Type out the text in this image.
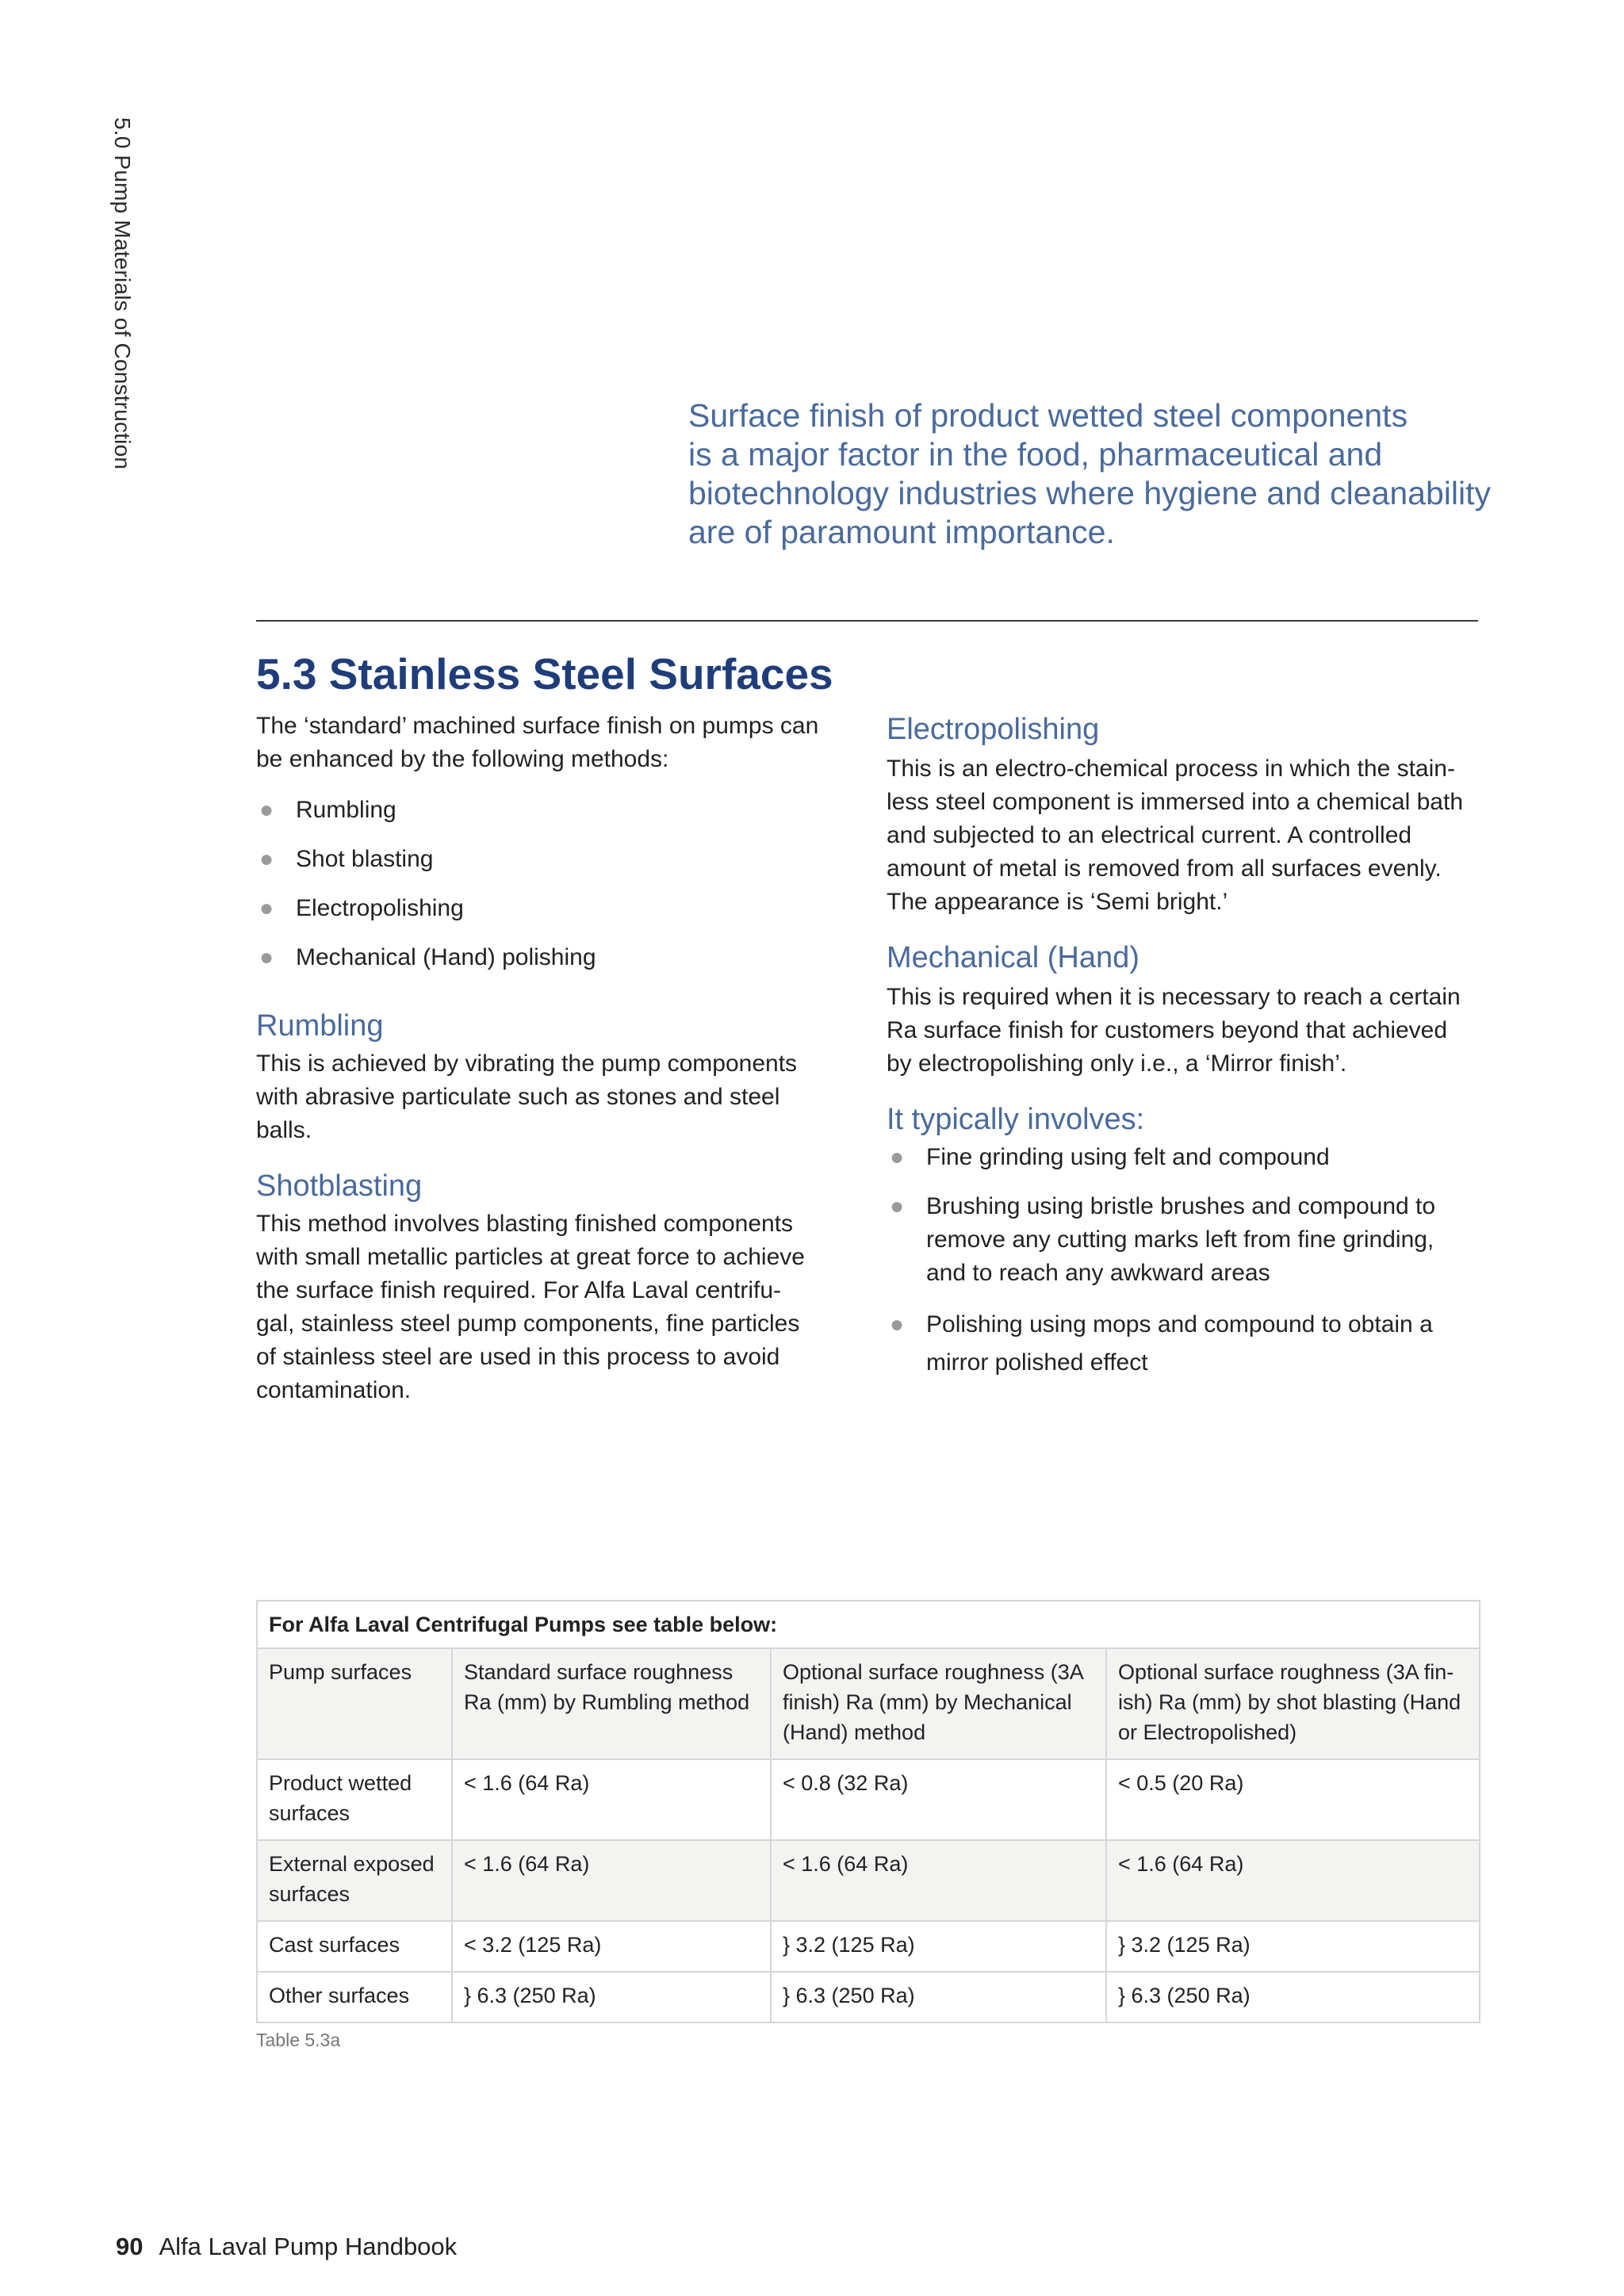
5.0 Pump Materials of Construction	Surface finish of product wetted steel components
is a major factor in the food, pharmaceutical and
biotechnology industries where hygiene and cleanability
are of paramount importance.
5.3 Stainless Steel Surfaces

The ‘standard’ machined surface finish on pumps can
be enhanced by the following methods:

● Rumbling
● Shot blasting
● Electropolishing
● Mechanical (Hand) polishing
Rumbling

This is achieved by vibrating the pump components
with abrasive particulate such as stones and steel
balls.

Shotblasting

This method involves blasting finished components
with small metallic particles at great force to achieve
the surface finish required. For Alfa Laval centrifu-
gal, stainless steel pump components, fine particles
of stainless steel are used in this process to avoid
contamination.

Electropolishing

This is an electro-chemical process in which the stain-
less steel component is immersed into a chemical bath
and subjected to an electrical current. A controlled
amount of metal is removed from all surfaces evenly.
The appearance is ‘Semi bright.’

Mechanical (Hand)

This is required when it is necessary to reach a certain
Ra surface finish for customers beyond that achieved
by electropolishing only i.e., a ‘Mirror finish’.

It typically involves:
● Fine grinding using felt and compound
● Brushing using bristle brushes and compound to
remove any cutting marks left from fine grinding,
and to reach any awkward areas
● Polishing using mops and compound to obtain a
mirror polished effect
For Alfa Laval Centrifugal Pumps see table below:			
Pump surfaces	Standard surface roughness Ra (mm) by Rumbling method	Optional surface roughness (3A finish) Ra (mm) by Mechanical (Hand) method	Optional surface roughness (3A fin-ish) Ra (mm) by shot blasting (Hand or Electropolished)
Product wetted surfaces	< 1.6 (64 Ra)	< 0.8 (32 Ra)	< 0.5 (20 Ra)
External exposed surfaces	< 1.6 (64 Ra)	< 1.6 (64 Ra)	< 1.6 (64 Ra)
Cast surfaces	< 3.2 (125 Ra)	} 3.2 (125 Ra)	} 3.2 (125 Ra)
Other surfaces	} 6.3 (250 Ra)	} 6.3 (250 Ra)	} 6.3 (250 Ra)
Table 5.3a
90 Alfa Laval Pump Handbook
